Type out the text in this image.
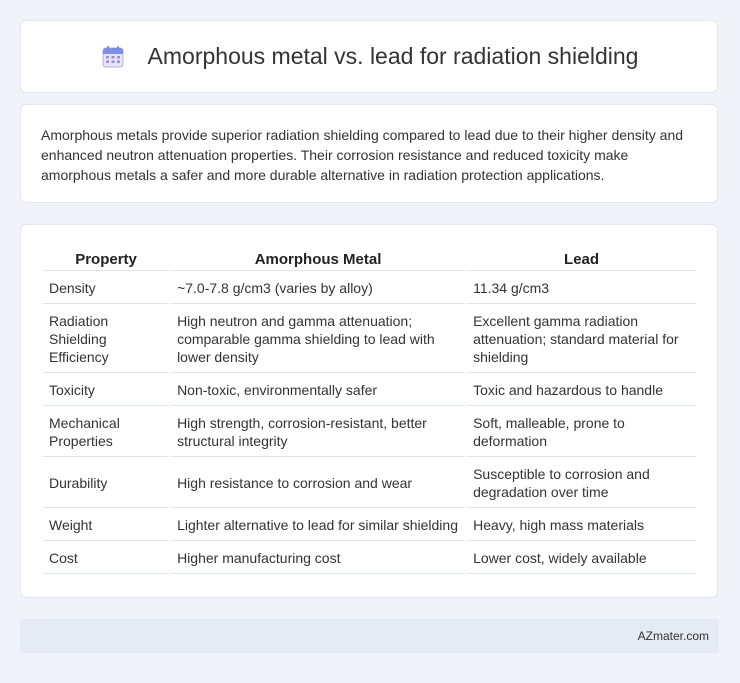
Amorphous metal vs. lead for radiation shielding

Amorphous metals provide superior radiation shielding compared to lead due to their higher density and enhanced neutron attenuation properties. Their corrosion resistance and reduced toxicity make amorphous metals a safer and more durable alternative in radiation protection applications.

Property	Amorphous Metal	Lead
Density	~7.0-7.8 g/cm3 (varies by alloy)	11.34 g/cm3
Radiation Shielding Efficiency	High neutron and gamma attenuation; comparable gamma shielding to lead with lower density	Excellent gamma radiation attenuation; standard material for shielding
Toxicity	Non-toxic, environmentally safer	Toxic and hazardous to handle
Mechanical Properties	High strength, corrosion-resistant, better structural integrity	Soft, malleable, prone to deformation
Durability	High resistance to corrosion and wear	Susceptible to corrosion and degradation over time
Weight	Lighter alternative to lead for similar shielding	Heavy, high mass materials
Cost	Higher manufacturing cost	Lower cost, widely available
AZmater.com
